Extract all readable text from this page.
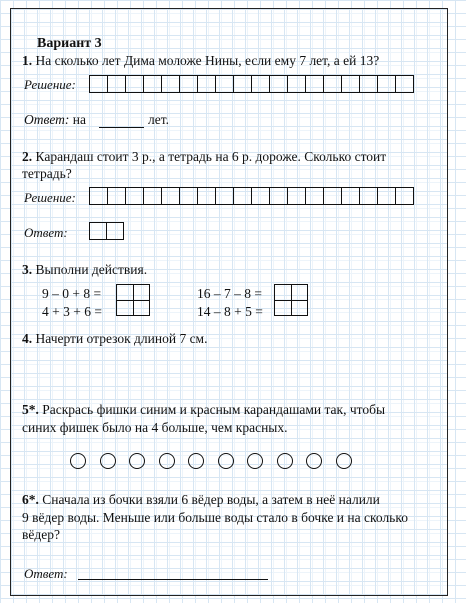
Вариант 3
1. На сколько лет Дима моложе Нины, если ему 7 лет, а ей 13?
Решение:
Ответ: на	лет.
2. Карандаш стоит 3 р., а тетрадь на 6 р. дороже. Сколько стоит
тетрадь?
Решение:
Ответ:
3. Выполни действия.
9 – 0 + 8 =
4 + 3 + 6 =
16 – 7 – 8 =
14 – 8 + 5 =
4. Начерти отрезок длиной 7 см.
5*. Раскрась фишки синим и красным карандашами так, чтобы
синих фишек было на 4 больше, чем красных.
6*. Сначала из бочки взяли 6 вёдер воды, а затем в неё налили
9 вёдер воды. Меньше или больше воды стало в бочке и на сколько
вёдер?
Ответ:
